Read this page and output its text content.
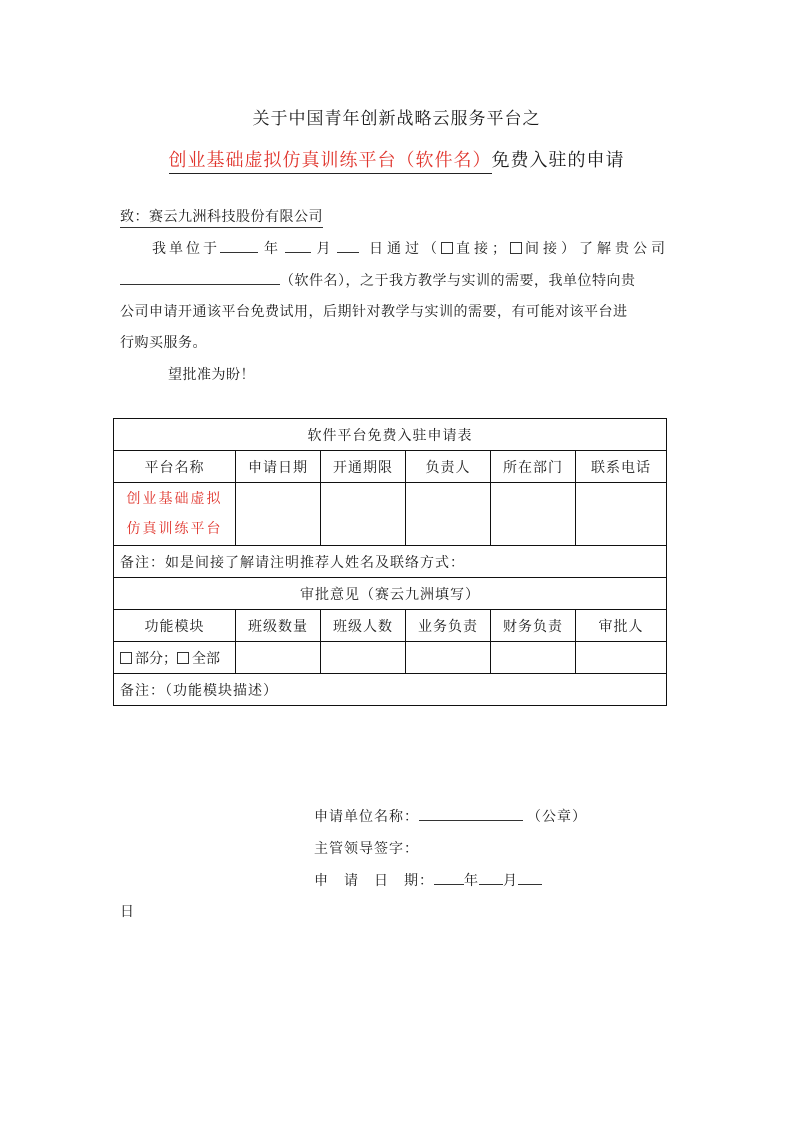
关于中国青年创新战略云服务平台之
创业基础虚拟仿真训练平台（软件名）免费入驻的申请
致：赛云九洲科技股份有限公司
我单位于	年	月	日通过（ 直接； 间接）了解贵公司
（软件名），之于我方教学与实训的需要，我单位特向贵
公司申请开通该平台免费试用，后期针对教学与实训的需要，有可能对该平台进
行购买服务。
望批准为盼！
软件平台免费入驻申请表					
平台名称	申请日期	开通期限	负责人	所在部门	联系电话
创业基础虚拟仿真训练平台					
备注：如是间接了解请注明推荐人姓名及联络方式：					
审批意见（赛云九洲填写）					
功能模块	班级数量	班级人数	业务负责	财务负责	审批人
部分； 全部					
备注：（功能模块描述）					
申请单位名称：	（公章）
主管领导签字：
申　请　日　期： 年 月
日
